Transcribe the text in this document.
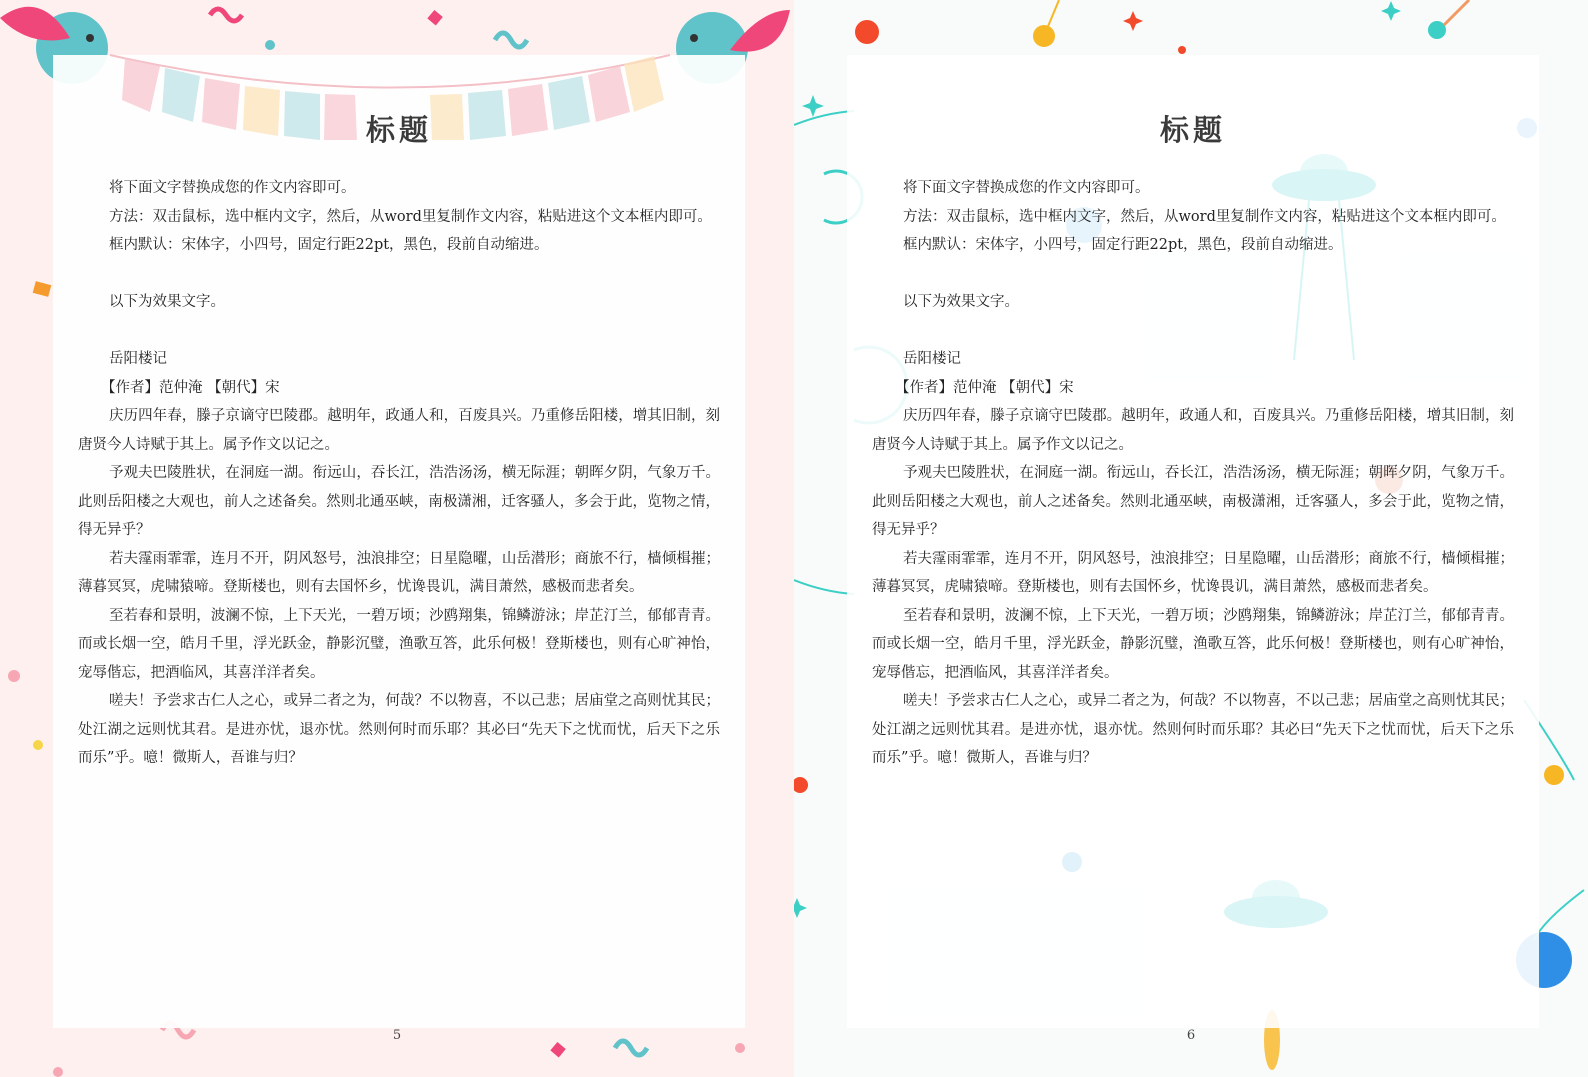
标题

将下面文字替换成您的作文内容即可。

方法：双击鼠标，选中框内文字，然后，从word里复制作文内容，粘贴进这个文本框内即可。

框内默认：宋体字，小四号，固定行距22pt，黑色，段前自动缩进。

以下为效果文字。

岳阳楼记

【作者】范仲淹 【朝代】宋

庆历四年春，滕子京谪守巴陵郡。越明年，政通人和，百废具兴。乃重修岳阳楼，增其旧制，刻唐贤今人诗赋于其上。属予作文以记之。

予观夫巴陵胜状，在洞庭一湖。衔远山，吞长江，浩浩汤汤，横无际涯；朝晖夕阴，气象万千。此则岳阳楼之大观也，前人之述备矣。然则北通巫峡，南极潇湘，迁客骚人，多会于此，览物之情，得无异乎？

若夫霪雨霏霏，连月不开，阴风怒号，浊浪排空；日星隐曜，山岳潜形；商旅不行，樯倾楫摧；薄暮冥冥，虎啸猿啼。登斯楼也，则有去国怀乡，忧谗畏讥，满目萧然，感极而悲者矣。

至若春和景明，波澜不惊，上下天光，一碧万顷；沙鸥翔集，锦鳞游泳；岸芷汀兰，郁郁青青。而或长烟一空，皓月千里，浮光跃金，静影沉璧，渔歌互答，此乐何极！登斯楼也，则有心旷神怡，宠辱偕忘，把酒临风，其喜洋洋者矣。

嗟夫！予尝求古仁人之心，或异二者之为，何哉？不以物喜，不以己悲；居庙堂之高则忧其民；处江湖之远则忧其君。是进亦忧，退亦忧。然则何时而乐耶？其必曰“先天下之忧而忧，后天下之乐而乐”乎。噫！微斯人，吾谁与归？

5
标题

将下面文字替换成您的作文内容即可。

方法：双击鼠标，选中框内文字，然后，从word里复制作文内容，粘贴进这个文本框内即可。

框内默认：宋体字，小四号，固定行距22pt，黑色，段前自动缩进。

以下为效果文字。

岳阳楼记

【作者】范仲淹 【朝代】宋

庆历四年春，滕子京谪守巴陵郡。越明年，政通人和，百废具兴。乃重修岳阳楼，增其旧制，刻唐贤今人诗赋于其上。属予作文以记之。

予观夫巴陵胜状，在洞庭一湖。衔远山，吞长江，浩浩汤汤，横无际涯；朝晖夕阴，气象万千。此则岳阳楼之大观也，前人之述备矣。然则北通巫峡，南极潇湘，迁客骚人，多会于此，览物之情，得无异乎？

若夫霪雨霏霏，连月不开，阴风怒号，浊浪排空；日星隐曜，山岳潜形；商旅不行，樯倾楫摧；薄暮冥冥，虎啸猿啼。登斯楼也，则有去国怀乡，忧谗畏讥，满目萧然，感极而悲者矣。

至若春和景明，波澜不惊，上下天光，一碧万顷；沙鸥翔集，锦鳞游泳；岸芷汀兰，郁郁青青。而或长烟一空，皓月千里，浮光跃金，静影沉璧，渔歌互答，此乐何极！登斯楼也，则有心旷神怡，宠辱偕忘，把酒临风，其喜洋洋者矣。

嗟夫！予尝求古仁人之心，或异二者之为，何哉？不以物喜，不以己悲；居庙堂之高则忧其民；处江湖之远则忧其君。是进亦忧，退亦忧。然则何时而乐耶？其必曰“先天下之忧而忧，后天下之乐而乐”乎。噫！微斯人，吾谁与归？

6
